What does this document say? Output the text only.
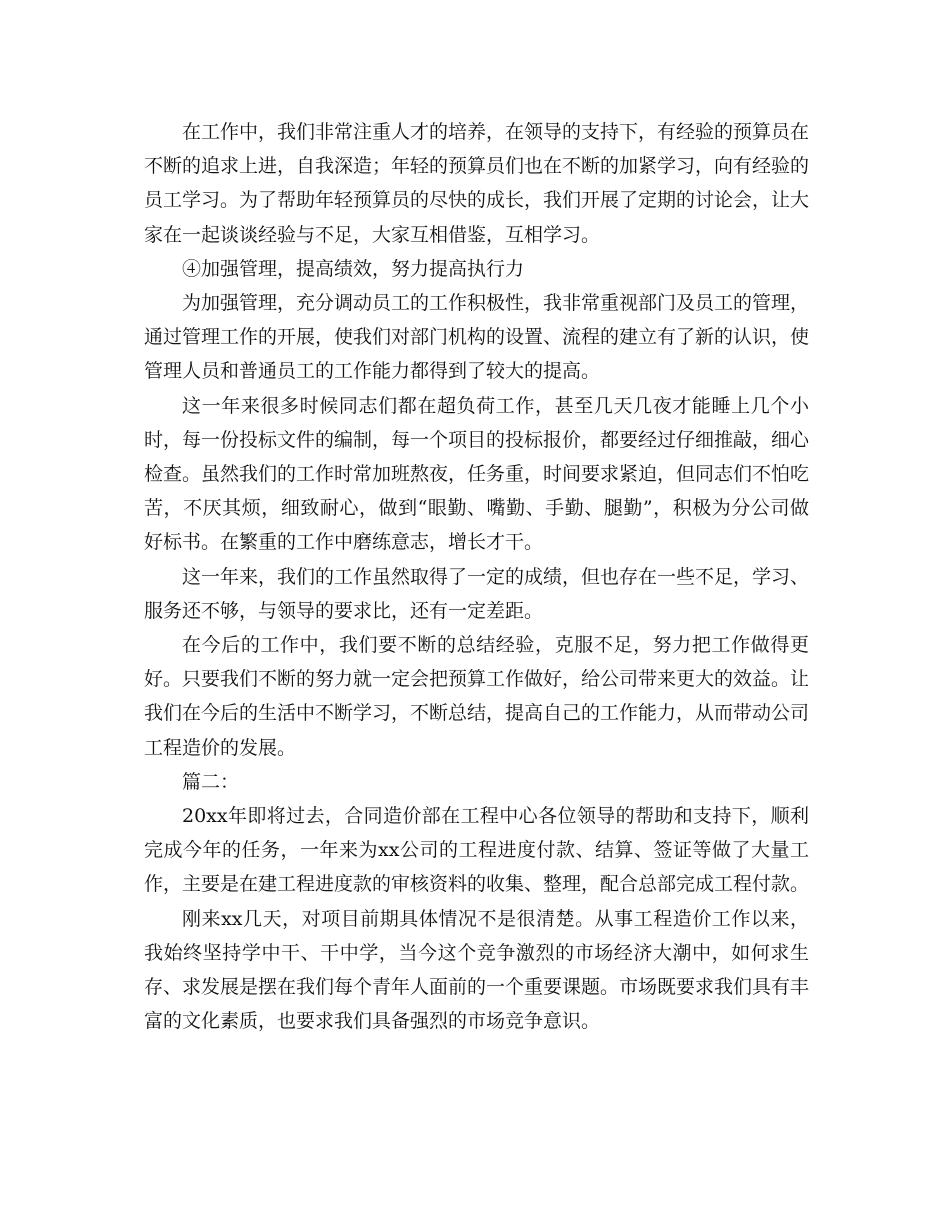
在工作中，我们非常注重人才的培养，在领导的支持下，有经验的预算员在不断的追求上进，自我深造；年轻的预算员们也在不断的加紧学习，向有经验的员工学习。为了帮助年轻预算员的尽快的成长，我们开展了定期的讨论会，让大家在一起谈谈经验与不足，大家互相借鉴，互相学习。

④加强管理，提高绩效，努力提高执行力

为加强管理，充分调动员工的工作积极性，我非常重视部门及员工的管理，通过管理工作的开展，使我们对部门机构的设置、流程的建立有了新的认识，使管理人员和普通员工的工作能力都得到了较大的提高。

这一年来很多时候同志们都在超负荷工作，甚至几天几夜才能睡上几个小时，每一份投标文件的编制，每一个项目的投标报价，都要经过仔细推敲，细心检查。虽然我们的工作时常加班熬夜，任务重，时间要求紧迫，但同志们不怕吃苦，不厌其烦，细致耐心，做到“眼勤、嘴勤、手勤、腿勤”，积极为分公司做好标书。在繁重的工作中磨练意志，增长才干。

这一年来，我们的工作虽然取得了一定的成绩，但也存在一些不足，学习、服务还不够，与领导的要求比，还有一定差距。

在今后的工作中，我们要不断的总结经验，克服不足，努力把工作做得更好。只要我们不断的努力就一定会把预算工作做好，给公司带来更大的效益。让我们在今后的生活中不断学习，不断总结，提高自己的工作能力，从而带动公司工程造价的发展。

篇二：

20xx年即将过去，合同造价部在工程中心各位领导的帮助和支持下，顺利完成今年的任务，一年来为xx公司的工程进度付款、结算、签证等做了大量工作，主要是在建工程进度款的审核资料的收集、整理，配合总部完成工程付款。

刚来xx几天，对项目前期具体情况不是很清楚。从事工程造价工作以来，我始终坚持学中干、干中学，当今这个竞争激烈的市场经济大潮中，如何求生存、求发展是摆在我们每个青年人面前的一个重要课题。市场既要求我们具有丰富的文化素质，也要求我们具备强烈的市场竞争意识。
